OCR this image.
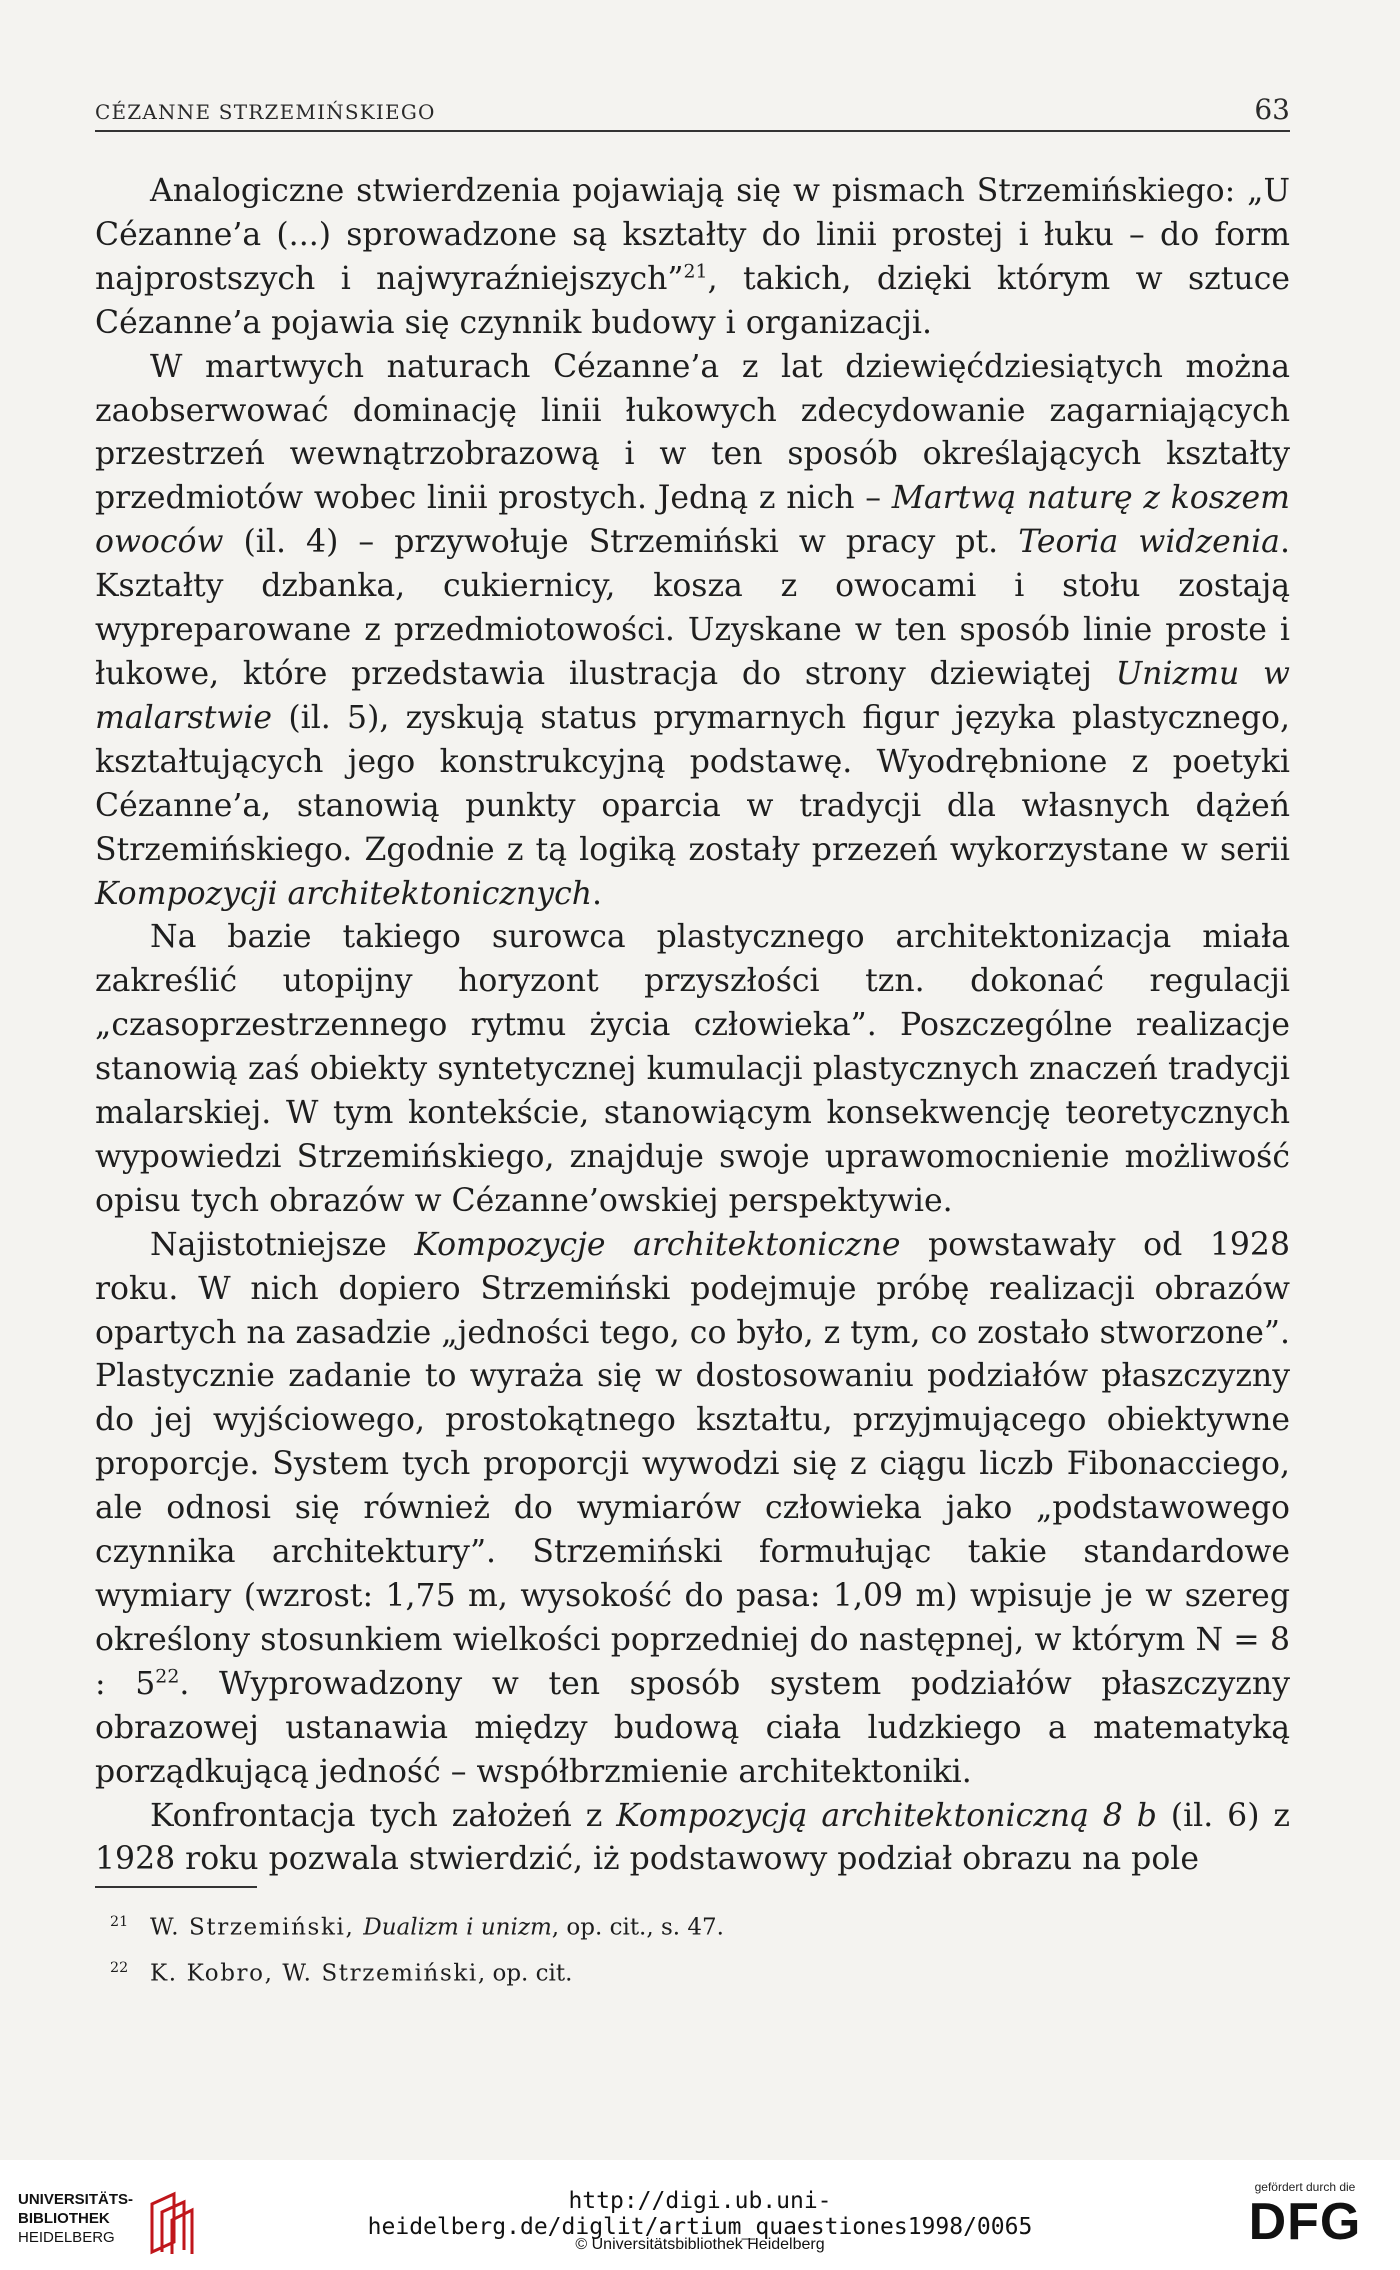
CÉZANNE STRZEMIŃSKIEGO	63

Analogiczne stwierdzenia pojawiają się w pismach Strzemińskiego: „U Cézanne’a (...) sprowadzone są kształty do linii prostej i łuku – do form najprostszych i najwyraźniejszych”$^{21}$, takich, dzięki którym w sztuce Cézanne’a pojawia się czynnik budowy i organizacji.

W martwych naturach Cézanne’a z lat dziewięćdziesiątych można zaobserwować dominację linii łukowych zdecydowanie zagarniających przestrzeń wewnątrzobrazową i w ten sposób określających kształty przedmiotów wobec linii prostych. Jedną z nich – Martwą naturę z koszem owoców (il. 4) – przywołuje Strzemiński w pracy pt. Teoria widzenia. Kształty dzbanka, cukiernicy, kosza z owocami i stołu zostają wypreparowane z przedmiotowości. Uzyskane w ten sposób linie proste i łukowe, które przedstawia ilustracja do strony dziewiątej Unizmu w malarstwie (il. 5), zyskują status prymarnych figur języka plastycznego, kształtujących jego konstrukcyjną podstawę. Wyodrębnione z poetyki Cézanne’a, stanowią punkty oparcia w tradycji dla własnych dążeń Strzemińskiego. Zgodnie z tą logiką zostały przezeń wykorzystane w serii Kompozycji architektonicznych.

Na bazie takiego surowca plastycznego architektonizacja miała zakreślić utopijny horyzont przyszłości tzn. dokonać regulacji „czasoprzestrzennego rytmu życia człowieka”. Poszczególne realizacje stanowią zaś obiekty syntetycznej kumulacji plastycznych znaczeń tradycji malarskiej. W tym kontekście, stanowiącym konsekwencję teoretycznych wypowiedzi Strzemińskiego, znajduje swoje uprawomocnienie możliwość opisu tych obrazów w Cézanne’owskiej perspektywie.

Najistotniejsze Kompozycje architektoniczne powstawały od 1928 roku. W nich dopiero Strzemiński podejmuje próbę realizacji obrazów opartych na zasadzie „jedności tego, co było, z tym, co zostało stworzone”. Plastycznie zadanie to wyraża się w dostosowaniu podziałów płaszczyzny do jej wyjściowego, prostokątnego kształtu, przyjmującego obiektywne proporcje. System tych proporcji wywodzi się z ciągu liczb Fibonacciego, ale odnosi się również do wymiarów człowieka jako „podstawowego czynnika architektury”. Strzemiński formułując takie standardowe wymiary (wzrost: 1,75 m, wysokość do pasa: 1,09 m) wpisuje je w szereg określony stosunkiem wielkości poprzedniej do następnej, w którym N = 8 : $5^{22}$. Wyprowadzony w ten sposób system podziałów płaszczyzny obrazowej ustanawia między budową ciała ludzkiego a matematyką porządkującą jedność – współbrzmienie architektoniki.

Konfrontacja tych założeń z Kompozycją architektoniczną 8 b (il. 6) z 1928 roku pozwala stwierdzić, iż podstawowy podział obrazu na pole

$^{21}$ W. Strzemiński, Dualizm i unizm, op. cit., s. 47.

$^{22}$ K. Kobro, W. Strzemiński, op. cit.

UNIVERSITÄTS-
BIBLIOTHEK
HEIDELBERG
http://digi.ub.uni-heidelberg.de/diglit/artium_quaestiones1998/0065
© Universitätsbibliothek Heidelberg
gefördert durch die
DFG
